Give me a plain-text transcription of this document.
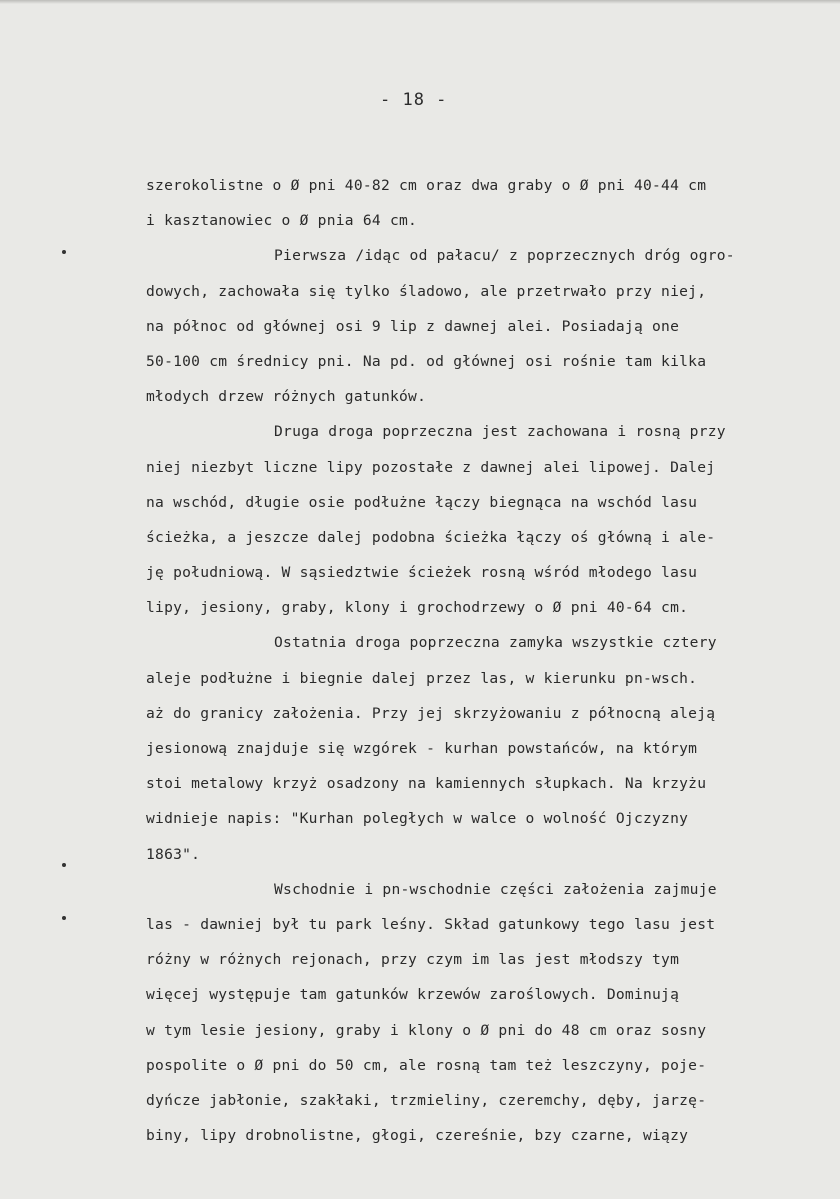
- 18 -
szerokolistne o Ø pni 40-82 cm oraz dwa graby o Ø pni 40-44 cm
i kasztanowiec o Ø pnia 64 cm.
Pierwsza /idąc od pałacu/ z poprzecznych dróg ogro-
dowych, zachowała się tylko śladowo, ale przetrwało przy niej,
na północ od głównej osi 9 lip z dawnej alei. Posiadają one
50-100 cm średnicy pni. Na pd. od głównej osi rośnie tam kilka
młodych drzew różnych gatunków.
Druga droga poprzeczna jest zachowana i rosną przy
niej niezbyt liczne lipy pozostałe z dawnej alei lipowej. Dalej
na wschód, długie osie podłużne łączy biegnąca na wschód lasu
ścieżka, a jeszcze dalej podobna ścieżka łączy oś główną i ale-
ję południową. W sąsiedztwie ścieżek rosną wśród młodego lasu
lipy, jesiony, graby, klony i grochodrzewy o Ø pni 40-64 cm.
Ostatnia droga poprzeczna zamyka wszystkie cztery
aleje podłużne i biegnie dalej przez las, w kierunku pn-wsch.
aż do granicy założenia. Przy jej skrzyżowaniu z północną aleją
jesionową znajduje się wzgórek - kurhan powstańców, na którym
stoi metalowy krzyż osadzony na kamiennych słupkach. Na krzyżu
widnieje napis: "Kurhan poległych w walce o wolność Ojczyzny
1863".
Wschodnie i pn-wschodnie części założenia zajmuje
las - dawniej był tu park leśny. Skład gatunkowy tego lasu jest
różny w różnych rejonach, przy czym im las jest młodszy tym
więcej występuje tam gatunków krzewów zaroślowych. Dominują
w tym lesie jesiony, graby i klony o Ø pni do 48 cm oraz sosny
pospolite o Ø pni do 50 cm, ale rosną tam też leszczyny, poje-
dyńcze jabłonie, szakłaki, trzmieliny, czeremchy, dęby, jarzę-
biny, lipy drobnolistne, głogi, czereśnie, bzy czarne, wiązy
